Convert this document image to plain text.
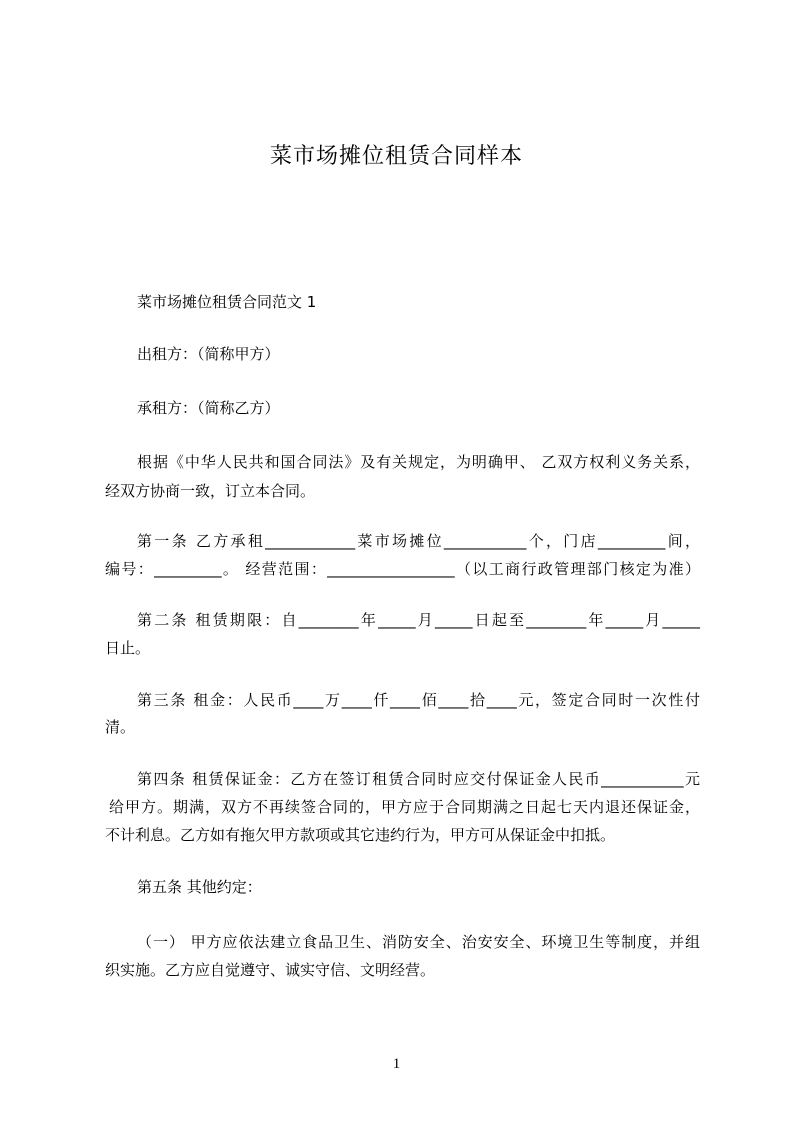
菜市场摊位租赁合同样本
菜市场摊位租赁合同范文 1
出租方：（简称甲方）
承租方：（简称乙方）
根据《中华人民共和国合同法》及有关规定，为明确甲、 乙双方权利义务关系，
经双方协商一致，订立本合同。
第一条 乙方承租____________菜市场摊位___________个，门店_________间，
编号：_________。 经营范围：_________________（以工商行政管理部门核定为准）
第二条 租赁期限：自________年_____月_____日起至________年_____月_____
日止。
第三条 租金：人民币____万____仟____佰____拾____元，签定合同时一次性付
清。
第四条 租赁保证金：乙方在签订租赁合同时应交付保证金人民币___________元
给甲方。期满，双方不再续签合同的，甲方应于合同期满之日起七天内退还保证金，
不计利息。乙方如有拖欠甲方款项或其它违约行为，甲方可从保证金中扣抵。
第五条 其他约定：
（一） 甲方应依法建立食品卫生、消防安全、治安安全、环境卫生等制度，并组
织实施。乙方应自觉遵守、诚实守信、文明经营。
1
